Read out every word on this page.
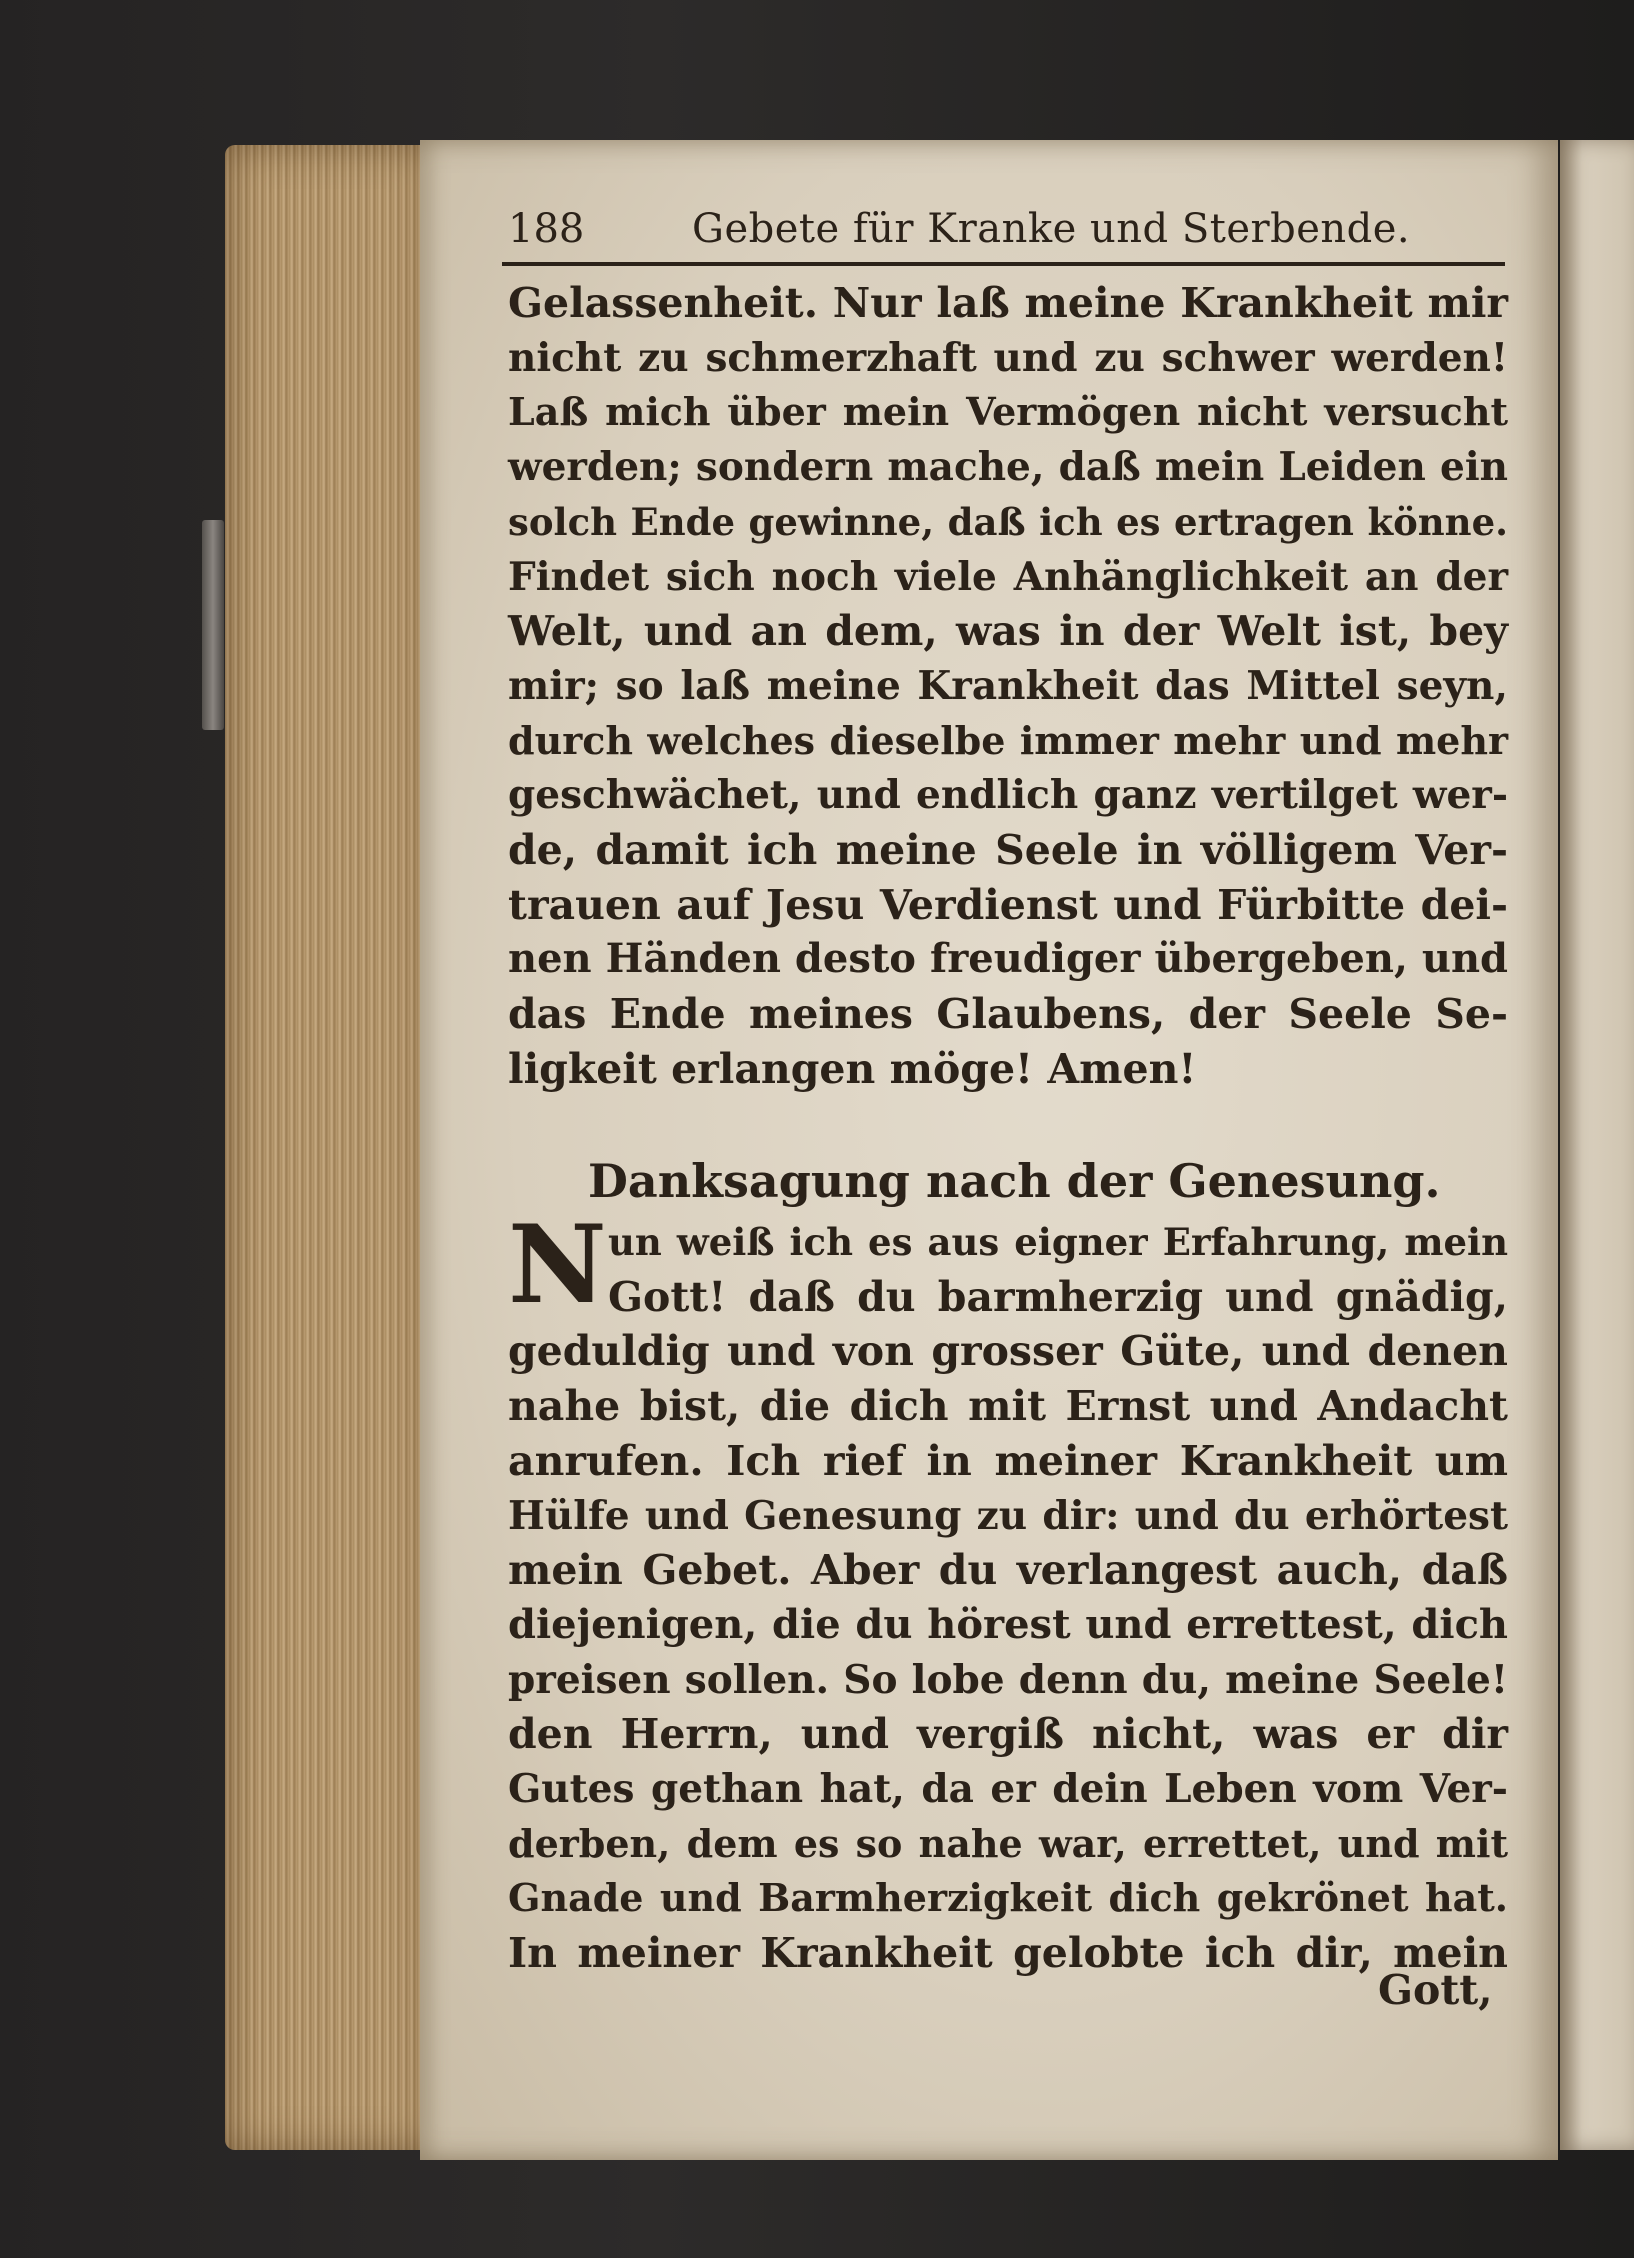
188	Gebete für Kranke und Sterbende.
Gelassenheit. Nur laß meine Krankheit mir
nicht zu schmerzhaft und zu schwer werden!
Laß mich über mein Vermögen nicht versucht
werden; sondern mache, daß mein Leiden ein
solch Ende gewinne, daß ich es ertragen könne.
Findet sich noch viele Anhänglichkeit an der
Welt, und an dem, was in der Welt ist, bey
mir; so laß meine Krankheit das Mittel seyn,
durch welches dieselbe immer mehr und mehr
geschwächet, und endlich ganz vertilget wer-
de, damit ich meine Seele in völligem Ver-
trauen auf Jesu Verdienst und Fürbitte dei-
nen Händen desto freudiger übergeben, und
das Ende meines Glaubens, der Seele Se-
ligkeit erlangen möge! Amen!
Danksagung nach der Genesung.
N un weiß ich es aus eigner Erfahrung, mein
Gott! daß du barmherzig und gnädig,
geduldig und von grosser Güte, und denen
nahe bist, die dich mit Ernst und Andacht
anrufen. Ich rief in meiner Krankheit um
Hülfe und Genesung zu dir: und du erhörtest
mein Gebet. Aber du verlangest auch, daß
diejenigen, die du hörest und errettest, dich
preisen sollen. So lobe denn du, meine Seele!
den Herrn, und vergiß nicht, was er dir
Gutes gethan hat, da er dein Leben vom Ver-
derben, dem es so nahe war, errettet, und mit
Gnade und Barmherzigkeit dich gekrönet hat.
In meiner Krankheit gelobte ich dir, mein
Gott,
